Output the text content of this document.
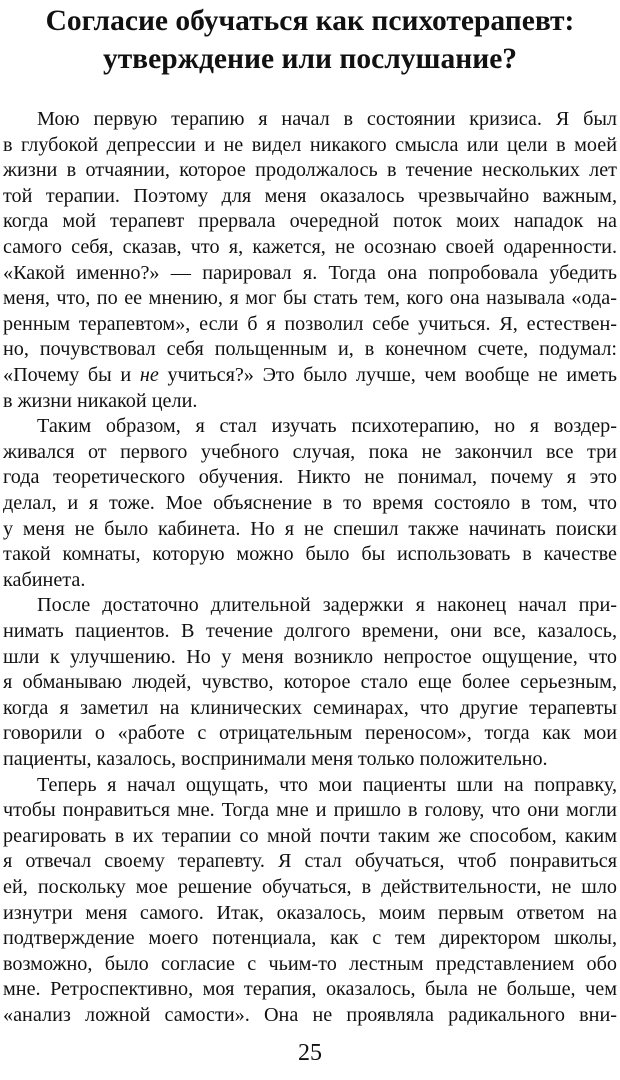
Согласие обучаться как психотерапевт:
утверждение или послушание?

Мою первую терапию я начал в состоянии кризиса. Я был

в глубокой депрессии и не видел никакого смысла или цели в моей

жизни в отчаянии, которое продолжалось в течение нескольких лет

той терапии. Поэтому для меня оказалось чрезвычайно важным,

когда мой терапевт прервала очередной поток моих нападок на

самого себя, сказав, что я, кажется, не осознаю своей одаренности.

«Какой именно?» — парировал я. Тогда она попробовала убедить

меня, что, по ее мнению, я мог бы стать тем, кого она называла «ода-

ренным терапевтом», если б я позволил себе учиться. Я, естествен-

но, почувствовал себя польщенным и, в конечном счете, подумал:

«Почему бы и не учиться?» Это было лучше, чем вообще не иметь

в жизни никакой цели.

Таким образом, я стал изучать психотерапию, но я воздер-

живался от первого учебного случая, пока не закончил все три

года теоретического обучения. Никто не понимал, почему я это

делал, и я тоже. Мое объяснение в то время состояло в том, что

у меня не было кабинета. Но я не спешил также начинать поиски

такой комнаты, которую можно было бы использовать в качестве

кабинета.

После достаточно длительной задержки я наконец начал при-

нимать пациентов. В течение долгого времени, они все, казалось,

шли к улучшению. Но у меня возникло непростое ощущение, что

я обманываю людей, чувство, которое стало еще более серьезным,

когда я заметил на клинических семинарах, что другие терапевты

говорили о «работе с отрицательным переносом», тогда как мои

пациенты, казалось, воспринимали меня только положительно.

Теперь я начал ощущать, что мои пациенты шли на поправку,

чтобы понравиться мне. Тогда мне и пришло в голову, что они могли

реагировать в их терапии со мной почти таким же способом, каким

я отвечал своему терапевту. Я стал обучаться, чтоб понравиться

ей, поскольку мое решение обучаться, в действительности, не шло

изнутри меня самого. Итак, оказалось, моим первым ответом на

подтверждение моего потенциала, как с тем директором школы,

возможно, было согласие с чьим-то лестным представлением обо

25

мне. Ретроспективно, моя терапия, оказалось, была не больше, чем

«анализ ложной самости». Она не проявляла радикального вни-
